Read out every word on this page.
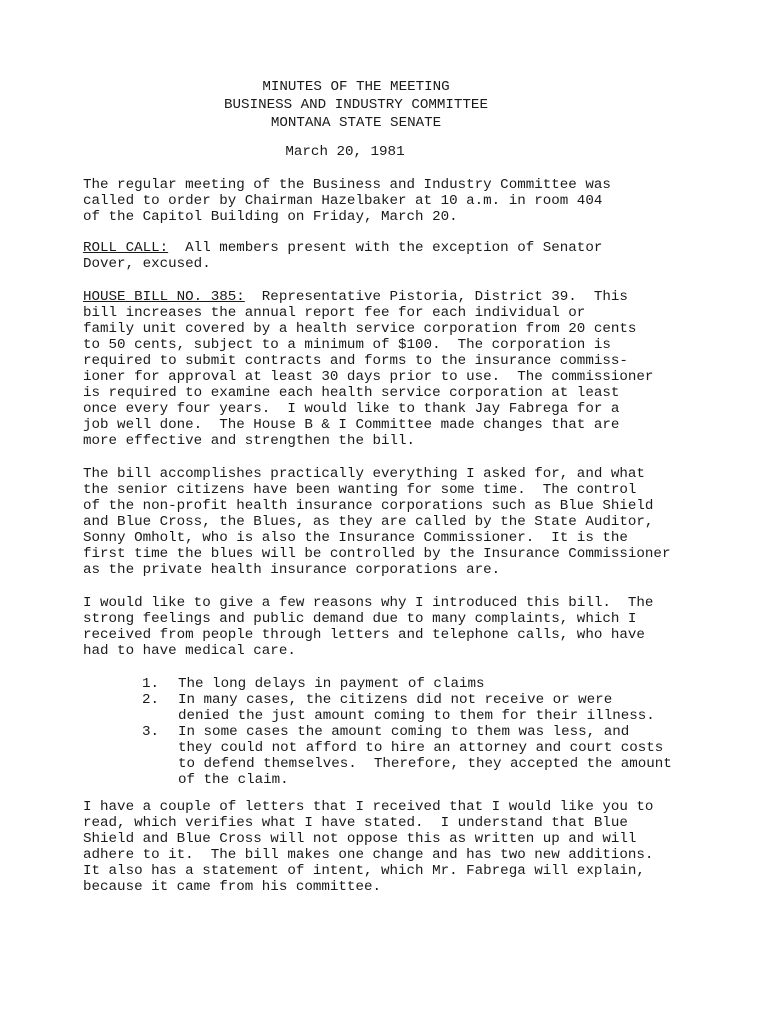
MINUTES OF THE MEETING
BUSINESS AND INDUSTRY COMMITTEE
MONTANA STATE SENATE
March 20, 1981
The regular meeting of the Business and Industry Committee was
called to order by Chairman Hazelbaker at 10 a.m. in room 404
of the Capitol Building on Friday, March 20.
ROLL CALL:  All members present with the exception of Senator
Dover, excused.
HOUSE BILL NO. 385:  Representative Pistoria, District 39.  This
bill increases the annual report fee for each individual or
family unit covered by a health service corporation from 20 cents
to 50 cents, subject to a minimum of $100.  The corporation is
required to submit contracts and forms to the insurance commiss-
ioner for approval at least 30 days prior to use.  The commissioner
is required to examine each health service corporation at least
once every four years.  I would like to thank Jay Fabrega for a
job well done.  The House B & I Committee made changes that are
more effective and strengthen the bill.
The bill accomplishes practically everything I asked for, and what
the senior citizens have been wanting for some time.  The control
of the non-profit health insurance corporations such as Blue Shield
and Blue Cross, the Blues, as they are called by the State Auditor,
Sonny Omholt, who is also the Insurance Commissioner.  It is the
first time the blues will be controlled by the Insurance Commissioner
as the private health insurance corporations are.
I would like to give a few reasons why I introduced this bill.  The
strong feelings and public demand due to many complaints, which I
received from people through letters and telephone calls, who have
had to have medical care.
1.	The long delays in payment of claims
2.	In many cases, the citizens did not receive or were
denied the just amount coming to them for their illness.
3.	In some cases the amount coming to them was less, and
they could not afford to hire an attorney and court costs
to defend themselves.  Therefore, they accepted the amount
of the claim.
I have a couple of letters that I received that I would like you to
read, which verifies what I have stated.  I understand that Blue
Shield and Blue Cross will not oppose this as written up and will
adhere to it.  The bill makes one change and has two new additions.
It also has a statement of intent, which Mr. Fabrega will explain,
because it came from his committee.
